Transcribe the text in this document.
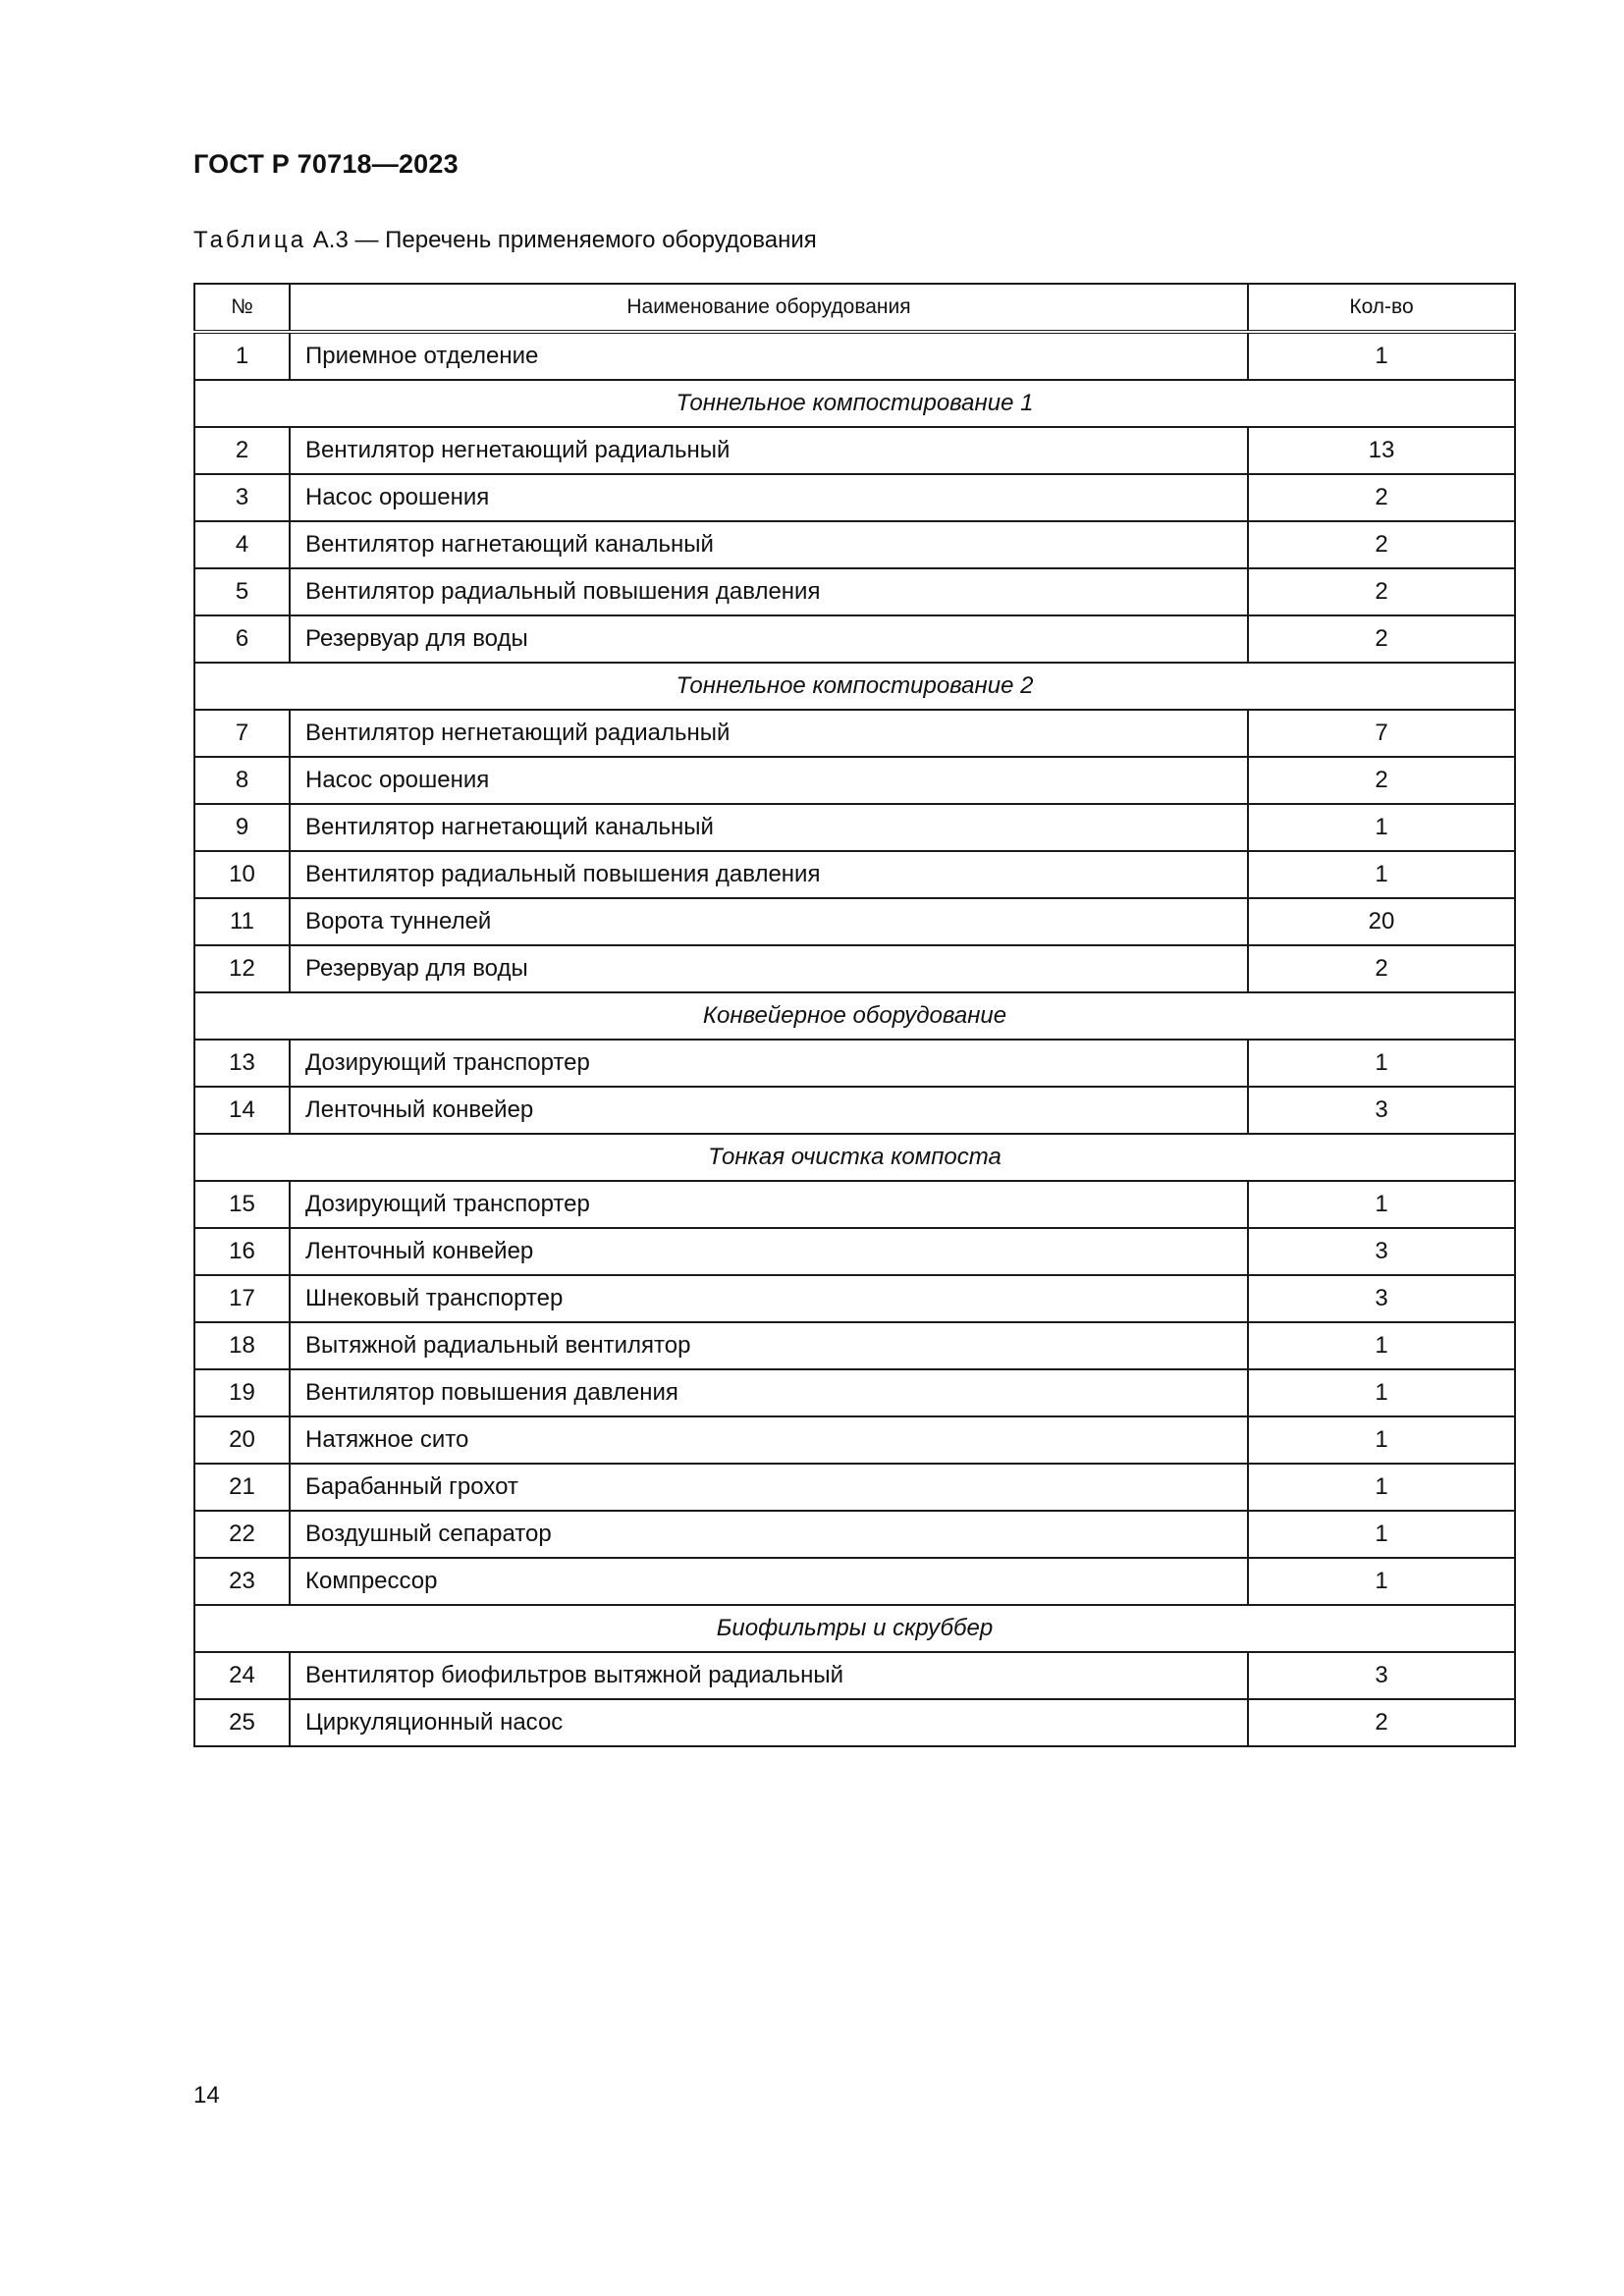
ГОСТ Р 70718—2023
Таблица А.3 — Перечень применяемого оборудования
№	Наименование оборудования	Кол-во
1	Приемное отделение	1
Тоннельное компостирование 1		
2	Вентилятор негнетающий радиальный	13
3	Насос орошения	2
4	Вентилятор нагнетающий канальный	2
5	Вентилятор радиальный повышения давления	2
6	Резервуар для воды	2
Тоннельное компостирование 2		
7	Вентилятор негнетающий радиальный	7
8	Насос орошения	2
9	Вентилятор нагнетающий канальный	1
10	Вентилятор радиальный повышения давления	1
11	Ворота туннелей	20
12	Резервуар для воды	2
Конвейерное оборудование		
13	Дозирующий транспортер	1
14	Ленточный конвейер	3
Тонкая очистка компоста		
15	Дозирующий транспортер	1
16	Ленточный конвейер	3
17	Шнековый транспортер	3
18	Вытяжной радиальный вентилятор	1
19	Вентилятор повышения давления	1
20	Натяжное сито	1
21	Барабанный грохот	1
22	Воздушный сепаратор	1
23	Компрессор	1
Биофильтры и скруббер		
24	Вентилятор биофильтров вытяжной радиальный	3
25	Циркуляционный насос	2
14
